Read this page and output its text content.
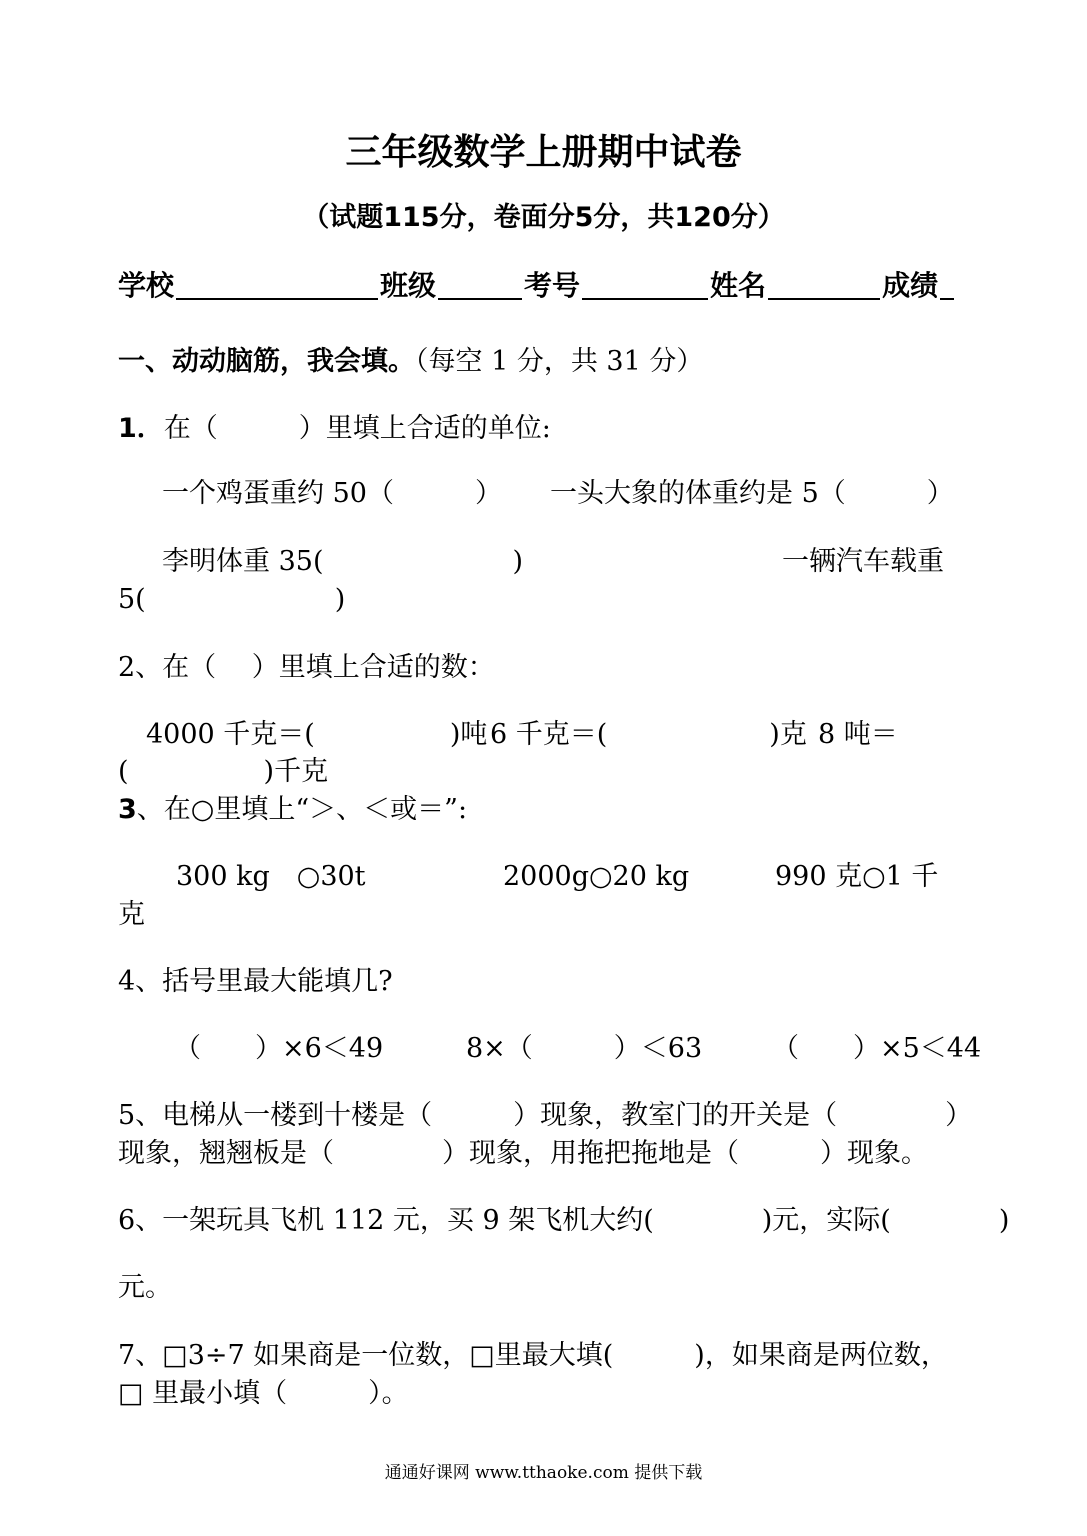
三年级数学上册期中试卷
（试题115分，卷面分5分，共120分）
学校	班级	考号	姓名	成绩
一、动动脑筋，我会填。（每空 1 分，共 31 分）
1．在（　　　）里填上合适的单位:
一个鸡蛋重约 50（　　　） 一头大象的体重约是 5（　　　）
李明体重 35(　　　　　　　)	一辆汽车载重
5(　　　　　　　)
2、在（　 ）里填上合适的数：
4000 千克＝(　　　　　)吨 6 千克＝(　　　　　　)克 8 吨＝
(　　　　　)千克
3、在○里填上“＞、＜或＝”:
300 kg　○30t	2000g○20 kg	990 克○1 千
克
4、括号里最大能填几?
（　　）×6＜49	8×（　　　）＜63	（　　）×5＜44
5、电梯从一楼到十楼是（　　　）现象，教室门的开关是（　　　　）
现象，翘翘板是（　　　　）现象，用拖把拖地是（　　　）现象。
6、一架玩具飞机 112 元，买 9 架飞机大约(　　　　)元，实际(　　　　)
元。
7、□3÷7 如果商是一位数，□里最大填(　　　)，如果商是两位数，
□ 里最小填（　　　）。
通通好课网 www.tthaoke.com 提供下载
